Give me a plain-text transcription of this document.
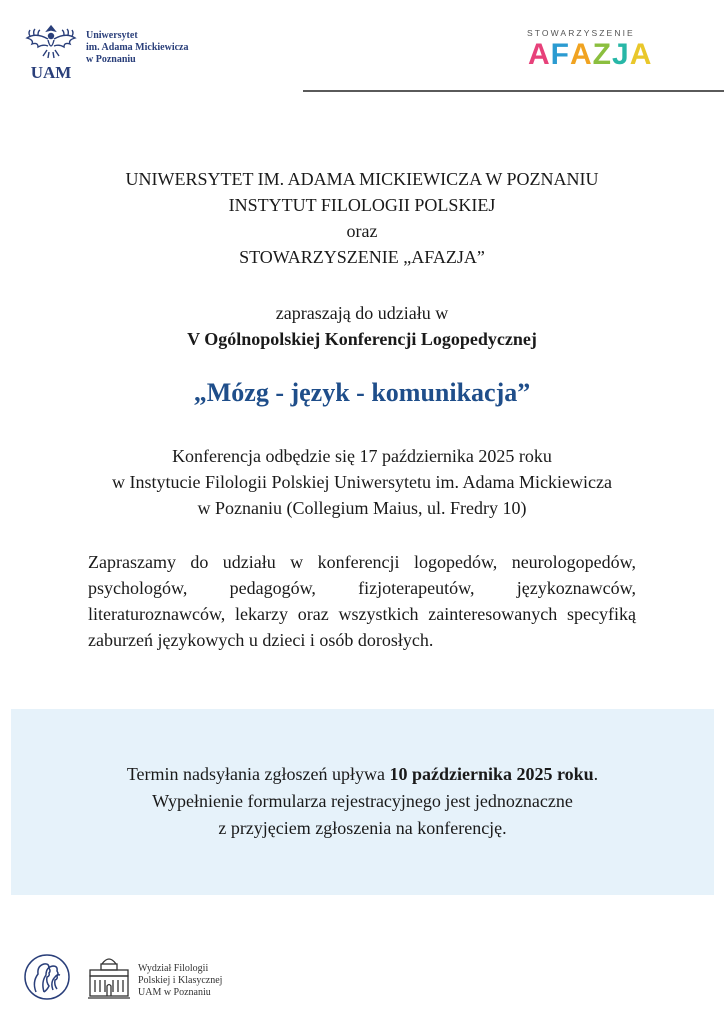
UAM
Uniwersytet
im. Adama Mickiewicza
w Poznaniu
STOWARZYSZENIE
AFAZJA
UNIWERSYTET IM. ADAMA MICKIEWICZA W POZNANIU
INSTYTUT FILOLOGII POLSKIEJ
oraz
STOWARZYSZENIE „AFAZJA”
zapraszają do udziału w
V Ogólnopolskiej Konferencji Logopedycznej
„Mózg - język - komunikacja”
Konferencja odbędzie się 17 października 2025 roku
w Instytucie Filologii Polskiej Uniwersytetu im. Adama Mickiewicza
w Poznaniu (Collegium Maius, ul. Fredry 10)
Zapraszamy do udziału w konferencji logopedów, neurologopedów, psychologów, pedagogów, fizjoterapeutów, językoznawców, literaturoznawców, lekarzy oraz wszystkich zainteresowanych specyfiką zaburzeń językowych u dzieci i osób dorosłych.
Termin nadsyłania zgłoszeń upływa 10 października 2025 roku.
Wypełnienie formularza rejestracyjnego jest jednoznaczne
z przyjęciem zgłoszenia na konferencję.
Wydział Filologii
Polskiej i Klasycznej
UAM w Poznaniu
